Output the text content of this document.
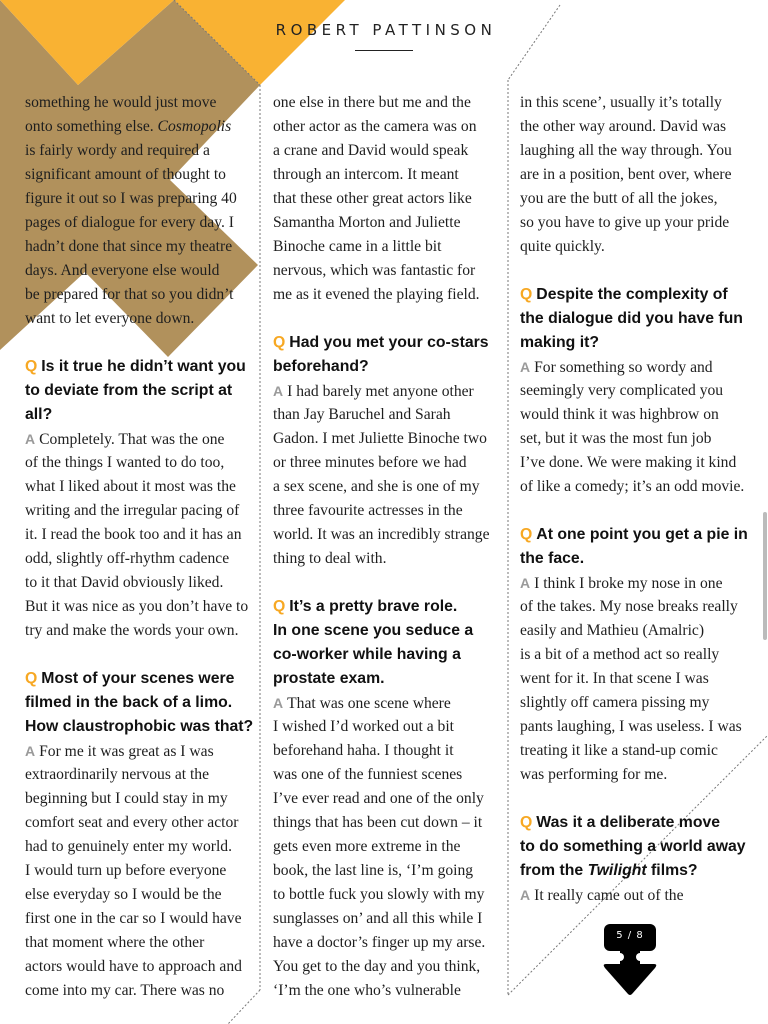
ROBERT PATTINSON
something he would just move
onto something else. Cosmopolis
is fairly wordy and required a
significant amount of thought to
figure it out so I was preparing 40
pages of dialogue for every day. I
hadn’t done that since my theatre
days. And everyone else would
be prepared for that so you didn’t
want to let everyone down.
Q Is it true he didn’t want you
to deviate from the script at
all?
A Completely. That was the one
of the things I wanted to do too,
what I liked about it most was the
writing and the irregular pacing of
it. I read the book too and it has an
odd, slightly off-rhythm cadence
to it that David obviously liked.
But it was nice as you don’t have to
try and make the words your own.
Q Most of your scenes were
filmed in the back of a limo.
How claustrophobic was that?
A For me it was great as I was
extraordinarily nervous at the
beginning but I could stay in my
comfort seat and every other actor
had to genuinely enter my world.
I would turn up before everyone
else everyday so I would be the
first one in the car so I would have
that moment where the other
actors would have to approach and
come into my car. There was no
one else in there but me and the
other actor as the camera was on
a crane and David would speak
through an intercom. It meant
that these other great actors like
Samantha Morton and Juliette
Binoche came in a little bit
nervous, which was fantastic for
me as it evened the playing field.
Q Had you met your co-stars
beforehand?
A I had barely met anyone other
than Jay Baruchel and Sarah
Gadon. I met Juliette Binoche two
or three minutes before we had
a sex scene, and she is one of my
three favourite actresses in the
world. It was an incredibly strange
thing to deal with.
Q It’s a pretty brave role.
In one scene you seduce a
co-worker while having a
prostate exam.
A That was one scene where
I wished I’d worked out a bit
beforehand haha. I thought it
was one of the funniest scenes
I’ve ever read and one of the only
things that has been cut down – it
gets even more extreme in the
book, the last line is, ‘I’m going
to bottle fuck you slowly with my
sunglasses on’ and all this while I
have a doctor’s finger up my arse.
You get to the day and you think,
‘I’m the one who’s vulnerable
in this scene’, usually it’s totally
the other way around. David was
laughing all the way through. You
are in a position, bent over, where
you are the butt of all the jokes,
so you have to give up your pride
quite quickly.
Q Despite the complexity of
the dialogue did you have fun
making it?
A For something so wordy and
seemingly very complicated you
would think it was highbrow on
set, but it was the most fun job
I’ve done. We were making it kind
of like a comedy; it’s an odd movie.
Q At one point you get a pie in
the face.
A I think I broke my nose in one
of the takes. My nose breaks really
easily and Mathieu (Amalric)
is a bit of a method act so really
went for it. In that scene I was
slightly off camera pissing my
pants laughing, I was useless. I was
treating it like a stand-up comic
was performing for me.
Q Was it a deliberate move
to do something a world away
from the Twilight films?
A It really came out of the
5 / 8
